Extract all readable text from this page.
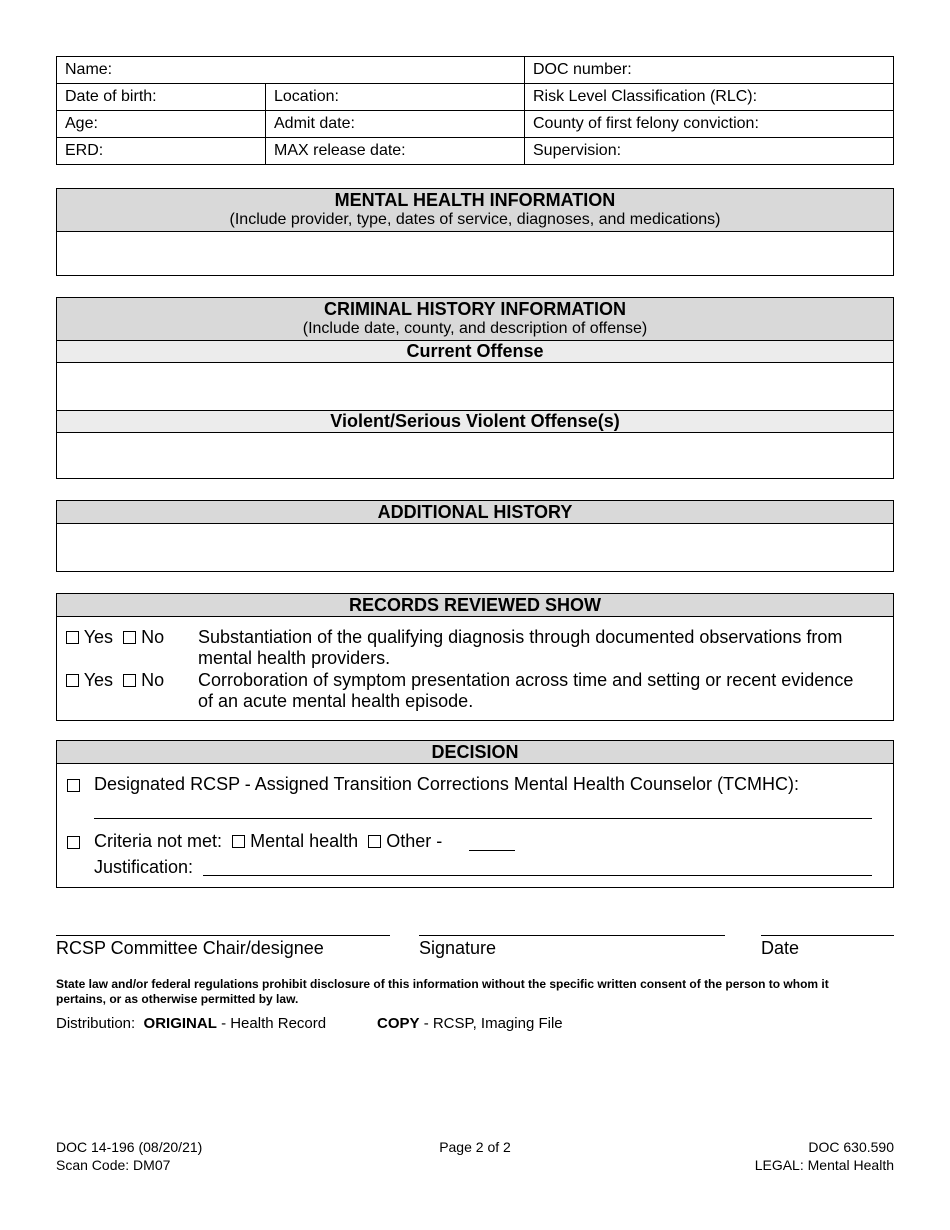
Name:		DOC number:
Date of birth:	Location:	Risk Level Classification (RLC):
Age:	Admit date:	County of first felony conviction:
ERD:	MAX release date:	Supervision:
MENTAL HEALTH INFORMATION
(Include provider, type, dates of service, diagnoses, and medications)
CRIMINAL HISTORY INFORMATION
(Include date, county, and description of offense)
Current Offense
Violent/Serious Violent Offense(s)
ADDITIONAL HISTORY
RECORDS REVIEWED SHOW
Yes No Substantiation of the qualifying diagnosis through documented observations from
mental health providers.
Yes No Corroboration of symptom presentation across time and setting or recent evidence
of an acute mental health episode.
DECISION
Designated RCSP - Assigned Transition Corrections Mental Health Counselor (TCMHC):
Criteria not met: Mental health Other -
Justification:
RCSP Committee Chair/designee	Signature	Date
State law and/or federal regulations prohibit disclosure of this information without the specific written consent of the person to whom it pertains, or as otherwise permitted by law.
Distribution: ORIGINAL - Health Record	COPY - RCSP, Imaging File
DOC 14-196 (08/20/21)
Scan Code: DM07
Page 2 of 2	DOC 630.590
LEGAL: Mental Health
